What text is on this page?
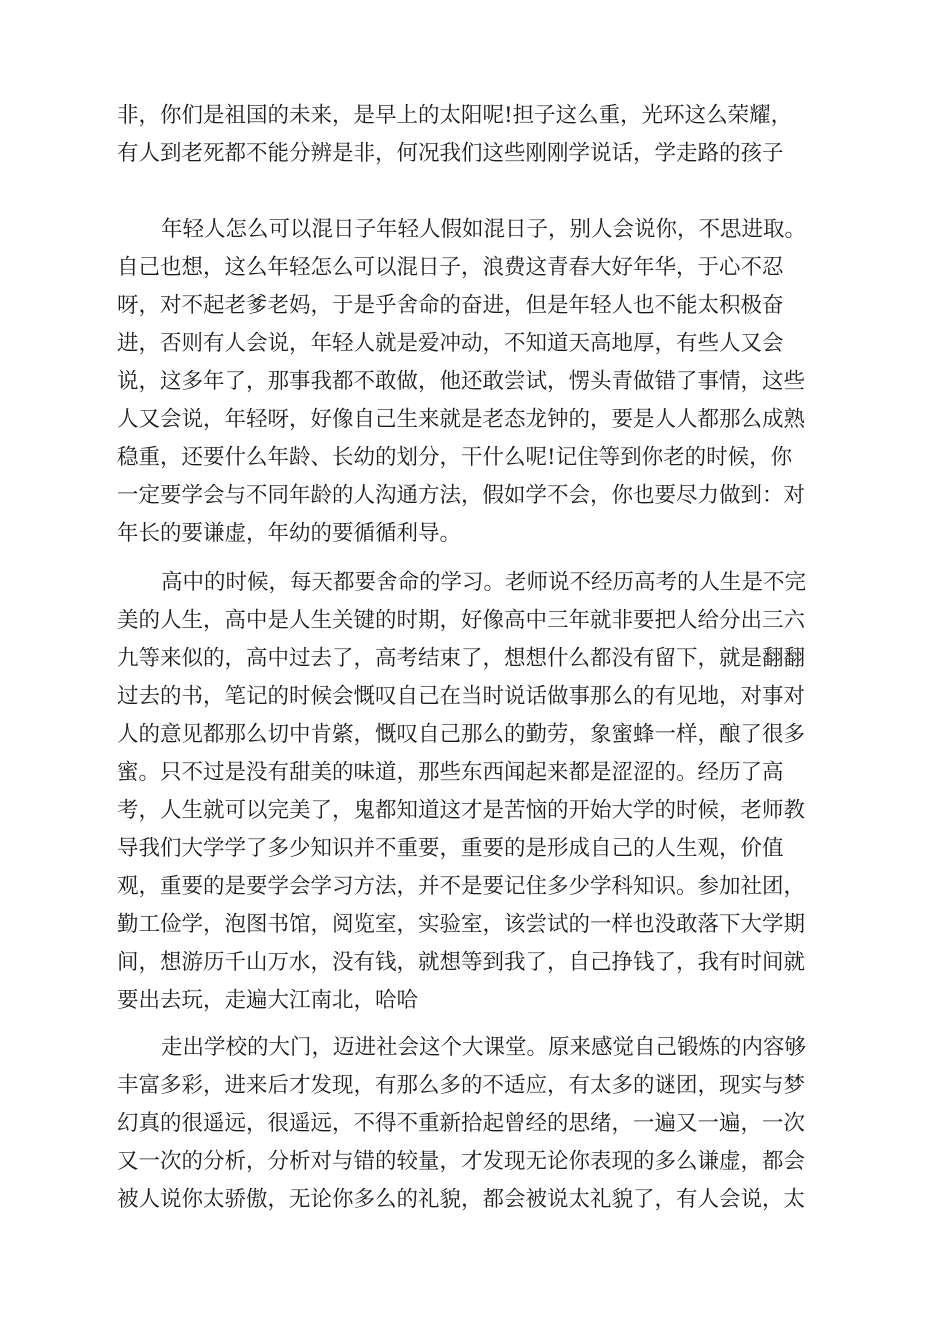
非，你们是祖国的未来，是早上的太阳呢!担子这么重，光环这么荣耀，
有人到老死都不能分辨是非，何况我们这些刚刚学说话，学走路的孩子
年轻人怎么可以混日子年轻人假如混日子，别人会说你，不思进取。
自己也想，这么年轻怎么可以混日子，浪费这青春大好年华，于心不忍
呀，对不起老爹老妈，于是乎舍命的奋进，但是年轻人也不能太积极奋
进，否则有人会说，年轻人就是爱冲动，不知道天高地厚，有些人又会
说，这多年了，那事我都不敢做，他还敢尝试，愣头青做错了事情，这些
人又会说，年轻呀，好像自己生来就是老态龙钟的，要是人人都那么成熟
稳重，还要什么年龄、长幼的划分，干什么呢!记住等到你老的时候，你
一定要学会与不同年龄的人沟通方法，假如学不会，你也要尽力做到：对
年长的要谦虚，年幼的要循循利导。
高中的时候，每天都要舍命的学习。老师说不经历高考的人生是不完
美的人生，高中是人生关键的时期，好像高中三年就非要把人给分出三六
九等来似的，高中过去了，高考结束了，想想什么都没有留下，就是翻翻
过去的书，笔记的时候会慨叹自己在当时说话做事那么的有见地，对事对
人的意见都那么切中肯綮，慨叹自己那么的勤劳，象蜜蜂一样，酿了很多
蜜。只不过是没有甜美的味道，那些东西闻起来都是涩涩的。经历了高
考，人生就可以完美了，鬼都知道这才是苦恼的开始大学的时候，老师教
导我们大学学了多少知识并不重要，重要的是形成自己的人生观，价值
观，重要的是要学会学习方法，并不是要记住多少学科知识。参加社团，
勤工俭学，泡图书馆，阅览室，实验室，该尝试的一样也没敢落下大学期
间，想游历千山万水，没有钱，就想等到我了，自己挣钱了，我有时间就
要出去玩，走遍大江南北，哈哈
走出学校的大门，迈进社会这个大课堂。原来感觉自己锻炼的内容够
丰富多彩，进来后才发现，有那么多的不适应，有太多的谜团，现实与梦
幻真的很遥远，很遥远，不得不重新拾起曾经的思绪，一遍又一遍，一次
又一次的分析，分析对与错的较量，才发现无论你表现的多么谦虚，都会
被人说你太骄傲，无论你多么的礼貌，都会被说太礼貌了，有人会说，太
